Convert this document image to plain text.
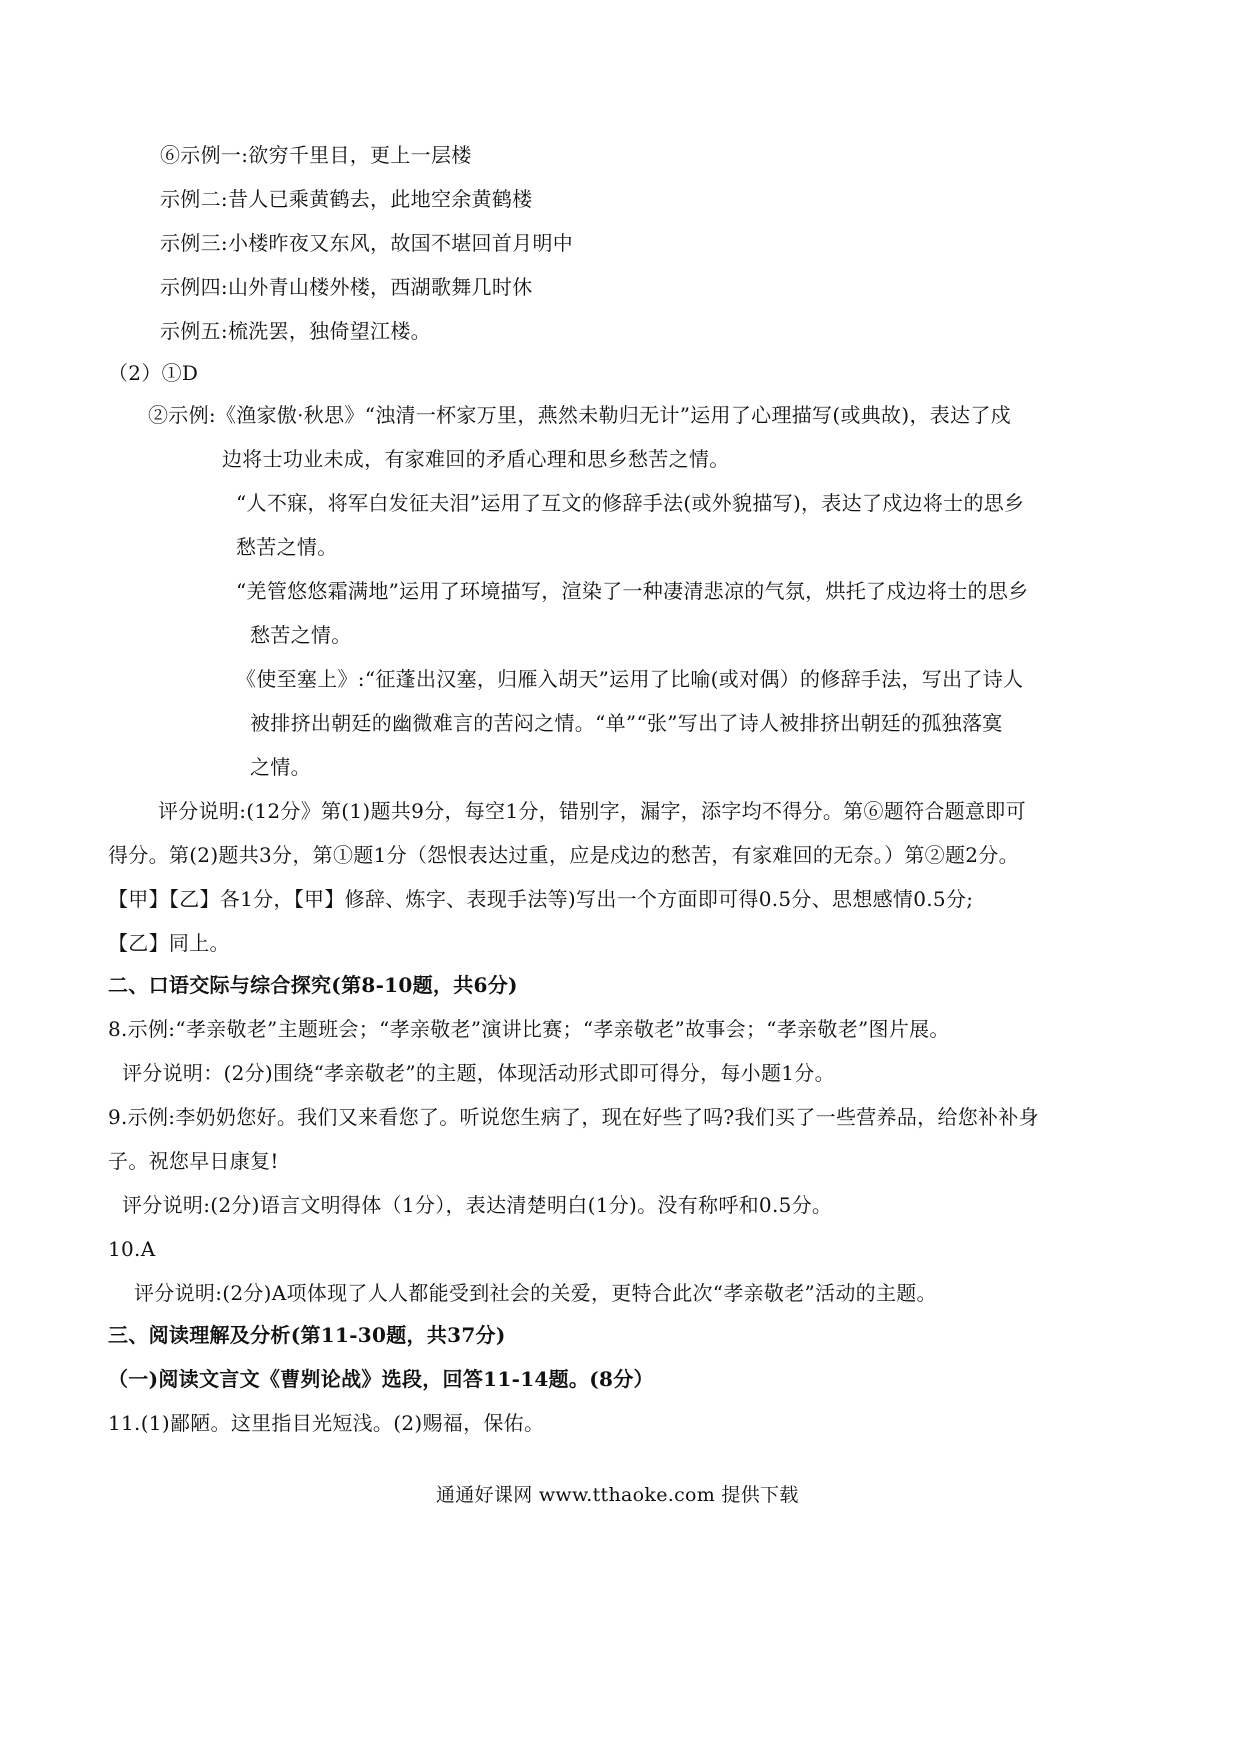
⑥示例一:欲穷千里目，更上一层楼
示例二:昔人已乘黄鹤去，此地空余黄鹤楼
示例三:小楼昨夜又东风，故国不堪回首月明中
示例四:山外青山楼外楼，西湖歌舞几时休
示例五:梳洗罢，独倚望江楼。
（2）①D
②示例:《渔家傲·秋思》“浊清一杯家万里，燕然未勒归无计”运用了心理描写(或典故)，表达了戍
边将士功业未成，有家难回的矛盾心理和思乡愁苦之情。
“人不寐，将军白发征夫泪”运用了互文的修辞手法(或外貌描写)，表达了戍边将士的思乡
愁苦之情。
“羌管悠悠霜满地”运用了环境描写，渲染了一种凄清悲凉的气氛，烘托了戍边将士的思乡
愁苦之情。
《使至塞上》:“征蓬出汉塞，归雁入胡天”运用了比喻(或对偶）的修辞手法，写出了诗人
被排挤出朝廷的幽微难言的苦闷之情。“单”“张”写出了诗人被排挤出朝廷的孤独落寞
之情。
评分说明:(12分》第(1)题共9分，每空1分，错别字，漏字，添字均不得分。第⑥题符合题意即可
得分。第(2)题共3分，第①题1分（怨恨表达过重，应是戍边的愁苦，有家难回的无奈。）第②题2分。
【甲】【乙】各1分，【甲】修辞、炼字、表现手法等)写出一个方面即可得0.5分、思想感情0.5分;
【乙】同上。
二、口语交际与综合探究(第8-10题，共6分)
8.示例:“孝亲敬老”主题班会；“孝亲敬老”演讲比赛；“孝亲敬老”故事会；“孝亲敬老”图片展。
评分说明：(2分)围绕“孝亲敬老”的主题，体现活动形式即可得分，每小题1分。
9.示例:李奶奶您好。我们又来看您了。听说您生病了，现在好些了吗?我们买了一些营养品，给您补补身
子。祝您早日康复!
评分说明:(2分)语言文明得体（1分），表达清楚明白(1分)。没有称呼和0.5分。
10.A
评分说明:(2分)A项体现了人人都能受到社会的关爱，更特合此次“孝亲敬老”活动的主题。
三、阅读理解及分析(第11-30题，共37分)
（一)阅读文言文《曹刿论战》选段，回答11-14题。(8分）
11.(1)鄙陋。这里指目光短浅。(2)赐福，保佑。
通通好课网 www.tthaoke.com 提供下载
